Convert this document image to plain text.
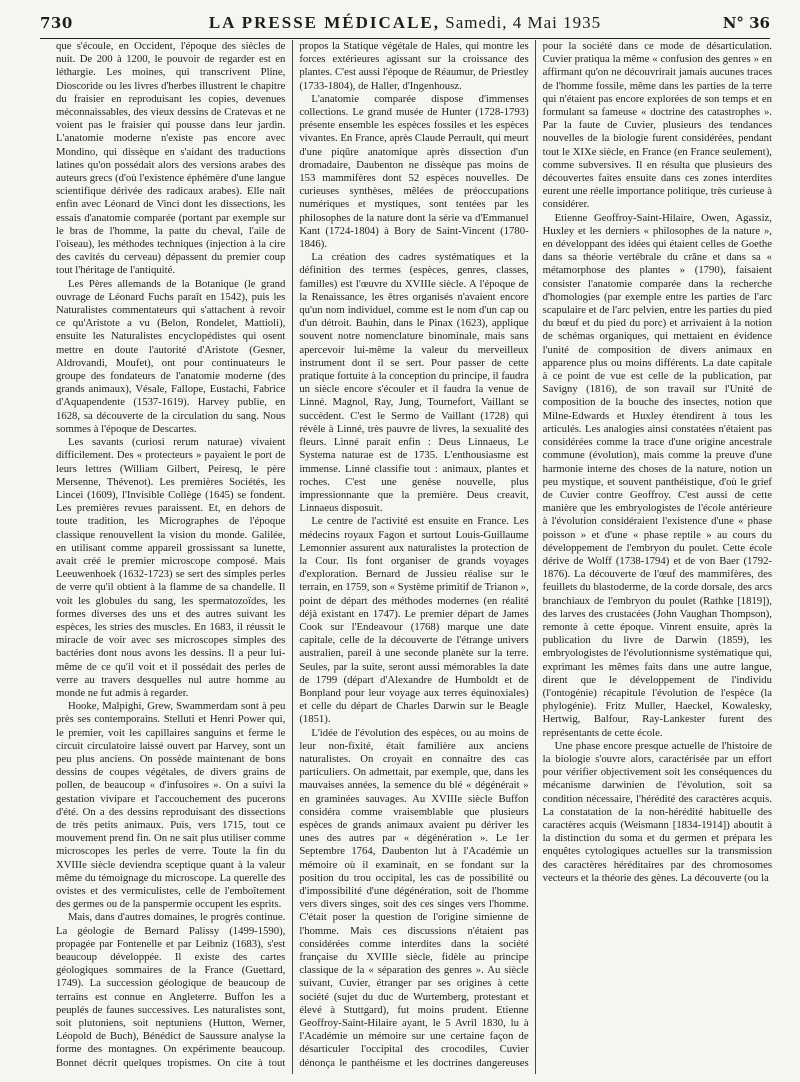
730	LA PRESSE MÉDICALE, Samedi, 4 Mai 1935	N° 36

que s'écoule, en Occident, l'époque des siècles de nuit. De 200 à 1200, le pouvoir de regarder est en léthargie. Les moines, qui transcrivent Pline, Dioscoride ou les livres d'herbes illustrent le chapitre du fraisier en reproduisant les copies, devenues méconnaissables, des vieux dessins de Cratevas et ne voient pas le fraisier qui pousse dans leur jardin. L'anatomie moderne n'existe pas encore avec Mondino, qui dissèque en s'aidant des traductions latines qu'on possédait alors des versions arabes des auteurs grecs (d'où l'existence éphémère d'une langue scientifique dérivée des radicaux arabes). Elle naît enfin avec Léonard de Vinci dont les dissections, les essais d'anatomie comparée (portant par exemple sur le bras de l'homme, la patte du cheval, l'aile de l'oiseau), les méthodes techniques (injection à la cire des cavités du cerveau) dépassent du premier coup tout l'héritage de l'antiquité.

Les Pères allemands de la Botanique (le grand ouvrage de Léonard Fuchs paraît en 1542), puis les Naturalistes commentateurs qui s'attachent à revoir ce qu'Aristote a vu (Belon, Rondelet, Mattioli), ensuite les Naturalistes encyclopédistes qui osent mettre en doute l'autorité d'Aristote (Gesner, Aldrovandi, Moufet), ont pour continuateurs le groupe des fondateurs de l'anatomie moderne (des grands animaux), Vésale, Fallope, Eustachi, Fabrice d'Aquapendente (1537-1619). Harvey publie, en 1628, sa découverte de la circulation du sang. Nous sommes à l'époque de Descartes.

Les savants (curiosi rerum naturae) vivaient difficilement. Des « protecteurs » payaient le port de leurs lettres (William Gilbert, Peiresq, le père Mersenne, Thévenot). Les premières Sociétés, les Lincei (1609), l'Invisible Collège (1645) se fondent. Les premières revues paraissent. Et, en dehors de toute tradition, les Micrographes de l'époque classique renouvellent la vision du monde. Galilée, en utilisant comme appareil grossissant sa lunette, avait créé le premier microscope composé. Mais Leeuwenhoek (1632-1723) se sert des simples perles de verre qu'il obtient à la flamme de sa chandelle. Il voit les globules du sang, les spermatozoïdes, les formes diverses des uns et des autres suivant les espèces, les stries des muscles. En 1683, il réussit le miracle de voir avec ses microscopes simples des bactéries dont nous avons les dessins. Il a peur lui-même de ce qu'il voit et il possédait des perles de verre au travers desquelles nul autre homme au monde ne fut admis à regarder.

Hooke, Malpighi, Grew, Swammerdam sont à peu près ses contemporains. Stelluti et Henri Power qui, le premier, voit les capillaires sanguins et ferme le circuit circulatoire laissé ouvert par Harvey, sont un peu plus anciens. On possède maintenant de bons dessins de coupes végétales, de divers grains de pollen, de beaucoup « d'infusoires ». On a suivi la gestation vivipare et l'accouchement des pucerons d'été. On a des dessins reproduisant des dissections de très petits animaux. Puis, vers 1715, tout ce mouvement prend fin. On ne sait plus utiliser comme microscopes les perles de verre. Toute la fin du XVIIIe siècle deviendra sceptique quant à la valeur même du témoignage du microscope. La querelle des ovistes et des vermiculistes, celle de l'emboîtement des germes ou de la panspermie occupent les esprits.

Mais, dans d'autres domaines, le progrès continue. La géologie de Bernard Palissy (1499-1590), propagée par Fontenelle et par Leibniz (1683), s'est beaucoup développée. Il existe des cartes géologiques sommaires de la France (Guettard, 1749). La succession géologique de beaucoup de terrains est connue en Angleterre. Buffon les a peuplés de faunes successives. Les naturalistes sont, soit plutoniens, soit neptuniens (Hutton, Werner, Léopold de Buch), Bénédict de Saussure analyse la forme des montagnes. On expérimente beaucoup. Bonnet décrit quelques tropismes. On cite à tout propos la Statique végétale de Hales, qui montre les forces extérieures agissant sur la croissance des plantes. C'est aussi l'époque de Réaumur, de Priestley (1733-1804), de Haller, d'Ingenhousz.

L'anatomie comparée dispose d'immenses collections. Le grand musée de Hunter (1728-1793) présente ensemble les espèces fossiles et les espèces vivantes. En France, après Claude Perrault, qui meurt d'une piqûre anatomique après dissection d'un dromadaire, Daubenton ne dissèque pas moins de 153 mammifères dont 52 espèces nouvelles. De curieuses synthèses, mêlées de préoccupations numériques et mystiques, sont tentées par les philosophes de la nature dont la série va d'Emmanuel Kant (1724-1804) à Bory de Saint-Vincent (1780-1846).

La création des cadres systématiques et la définition des termes (espèces, genres, classes, familles) est l'œuvre du XVIIIe siècle. A l'époque de la Renaissance, les êtres organisés n'avaient encore qu'un nom individuel, comme est le nom d'un cap ou d'un détroit. Bauhin, dans le Pinax (1623), applique souvent notre nomenclature binominale, mais sans apercevoir lui-même la valeur du merveilleux instrument dont il se sert. Pour passer de cette pratique fortuite à la conception du principe, il faudra un siècle encore s'écouler et il faudra la venue de Linné. Magnol, Ray, Jung, Tournefort, Vaillant se succèdent. C'est le Sermo de Vaillant (1728) qui révèle à Linné, très pauvre de livres, la sexualité des fleurs. Linné parait enfin : Deus Linnaeus, Le Systema naturae est de 1735. L'enthousiasme est immense. Linné classifie tout : animaux, plantes et roches. C'est une genèse nouvelle, plus impressionnante que la première. Deus creavit, Linnaeus disposuit.

Le centre de l'activité est ensuite en France. Les médecins royaux Fagon et surtout Louis-Guillaume Lemonnier assurent aux naturalistes la protection de la Cour. Ils font organiser de grands voyages d'exploration. Bernard de Jussieu réalise sur le terrain, en 1759, son « Système primitif de Trianon », point de départ des méthodes modernes (en réalité déjà existant en 1747). Le premier départ de James Cook sur l'Endeavour (1768) marque une date capitale, celle de la découverte de l'étrange univers australien, pareil à une seconde planète sur la terre. Seules, par la suite, seront aussi mémorables la date de 1799 (départ d'Alexandre de Humboldt et de Bonpland pour leur voyage aux terres équinoxiales) et celle du départ de Charles Darwin sur le Beagle (1851).

L'idée de l'évolution des espèces, ou au moins de leur non-fixité, était familière aux anciens naturalistes. On croyait en connaître des cas particuliers. On admettait, par exemple, que, dans les mauvaises années, la semence du blé « dégénérait » en graminées sauvages. Au XVIIIe siècle Buffon considéra comme vraisemblable que plusieurs espèces de grands animaux avaient pu dériver les unes des autres par « dégénération ». Le 1er Septembre 1764, Daubenton lut à l'Académie un mémoire où il examinait, en se fondant sur la position du trou occipital, les cas de possibilité ou d'impossibilité d'une dégénération, soit de l'homme vers divers singes, soit des ces singes vers l'homme. C'était poser la question de l'origine simienne de l'homme. Mais ces discussions n'étaient pas considérées comme interdites dans la société française du XVIIIe siècle, fidèle au principe classique de la « séparation des genres ». Au siècle suivant, Cuvier, étranger par ses origines à cette société (sujet du duc de Wurtemberg, protestant et élevé à Stuttgard), fut moins prudent. Etienne Geoffroy-Saint-Hilaire ayant, le 5 Avril 1830, lu à l'Académie un mémoire sur une certaine façon de désarticuler l'occipital des crocodiles, Cuvier dénonça le panthéisme et les doctrines dangereuses pour la société dans ce mode de désarticulation. Cuvier pratiqua la même « confusion des genres » en affirmant qu'on ne découvrirait jamais aucunes traces de l'homme fossile, même dans les parties de la terre qui n'étaient pas encore explorées de son temps et en formulant sa fameuse « doctrine des catastrophes ». Par la faute de Cuvier, plusieurs des tendances nouvelles de la biologie furent considérées, pendant tout le XIXe siècle, en France (en France seulement), comme subversives. Il en résulta que plusieurs des découvertes faites ensuite dans ces zones interdites eurent une réelle importance politique, très curieuse à considérer.

Etienne Geoffroy-Saint-Hilaire, Owen, Agassiz, Huxley et les derniers « philosophes de la nature », en développant des idées qui étaient celles de Goethe dans sa théorie vertébrale du crâne et dans sa « métamorphose des plantes » (1790), faisaient consister l'anatomie comparée dans la recherche d'homologies (par exemple entre les parties de l'arc scapulaire et de l'arc pelvien, entre les parties du pied du bœuf et du pied du porc) et arrivaient à la notion de schémas organiques, qui mettaient en évidence l'unité de composition de divers animaux en apparence plus ou moins différents. La date capitale à ce point de vue est celle de la publication, par Savigny (1816), de son travail sur l'Unité de composition de la bouche des insectes, notion que Milne-Edwards et Huxley étendirent à tous les articulés. Les analogies ainsi constatées n'étaient pas considérées comme la trace d'une origine ancestrale commune (évolution), mais comme la preuve d'une harmonie interne des choses de la nature, notion un peu mystique, et souvent panthéistique, d'où le grief de Cuvier contre Geoffroy. C'est aussi de cette manière que les embryologistes de l'école antérieure à l'évolution considéraient l'existence d'une « phase poisson » et d'une « phase reptile » au cours du développement de l'embryon du poulet. Cette école dérive de Wolff (1738-1794) et de von Baer (1792-1876). La découverte de l'œuf des mammifères, des feuillets du blastoderme, de la corde dorsale, des arcs branchiaux de l'embryon du poulet (Rathke [1819]), des larves des crustacées (John Vaughan Thompson), remonte à cette époque. Vinrent ensuite, après la publication du livre de Darwin (1859), les embryologistes de l'évolutionnisme systématique qui, exprimant les mêmes faits dans une autre langue, dirent que le développement de l'individu (l'ontogénie) récapitule l'évolution de l'espèce (la phylogénie). Fritz Muller, Haeckel, Kowalesky, Hertwig, Balfour, Ray-Lankester furent des représentants de cette école.

Une phase encore presque actuelle de l'histoire de la biologie s'ouvre alors, caractérisée par un effort pour vérifier objectivement soit les conséquences du mécanisme darwinien de l'évolution, soit sa condition nécessaire, l'hérédité des caractères acquis. La constatation de la non-hérédité habituelle des caractères acquis (Weismann [1834-1914]) aboutit à la distinction du soma et du germen et prépara les enquêtes cytologiques actuelles sur la transmission des caractères héréditaires par des chromosomes vecteurs et la théorie des gènes. La découverte (ou la
